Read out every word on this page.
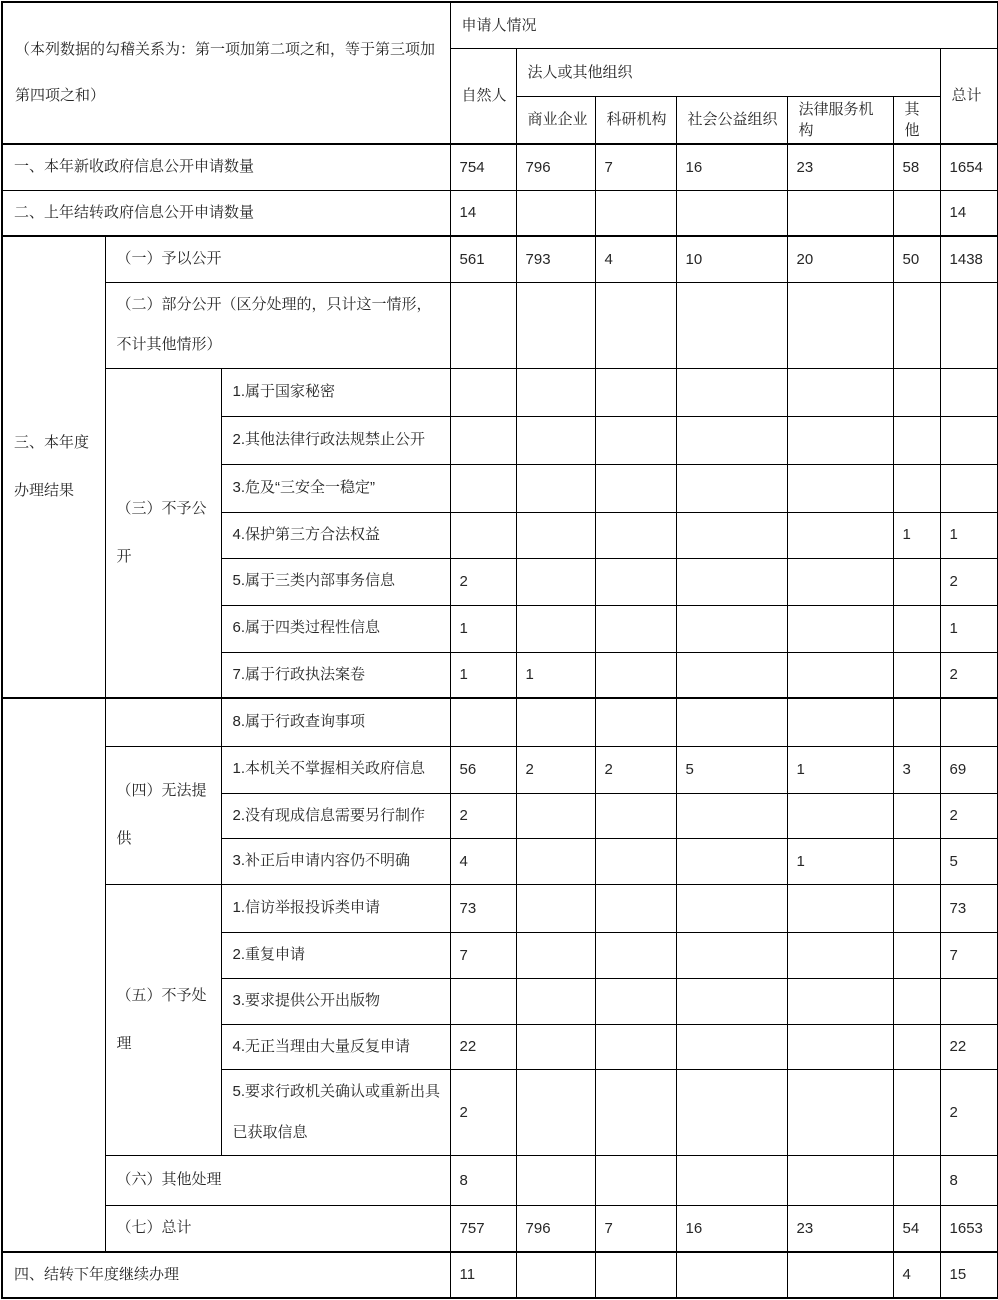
（本列数据的勾稽关系为：第一项加第二项之和，等于第三项加第四项之和）			申请人情况						
			自然人	法人或其他组织					总计
				商业企业	科研机构	社会公益组织	法律服务机构	其他	
一、本年新收政府信息公开申请数量			754	796	7	16	23	58	1654
二、上年结转政府信息公开申请数量			14						14
三、本年度办理结果	（一）予以公开		561	793	4	10	20	50	1438
	（二）部分公开（区分处理的，只计这一情形，不计其他情形）								
	（三）不予公开	1.属于国家秘密							
		2.其他法律行政法规禁止公开							
		3.危及“三安全一稳定”							
		4.保护第三方合法权益						1	1
		5.属于三类内部事务信息	2						2
		6.属于四类过程性信息	1						1
		7.属于行政执法案卷	1	1					2
		8.属于行政查询事项							
	（四）无法提供	1.本机关不掌握相关政府信息	56	2	2	5	1	3	69
		2.没有现成信息需要另行制作	2						2
		3.补正后申请内容仍不明确	4				1		5
	（五）不予处理	1.信访举报投诉类申请	73						73
		2.重复申请	7						7
		3.要求提供公开出版物							
		4.无正当理由大量反复申请	22						22
		5.要求行政机关确认或重新出具已获取信息	2						2
	（六）其他处理		8						8
	（七）总计		757	796	7	16	23	54	1653
四、结转下年度继续办理			11					4	15
